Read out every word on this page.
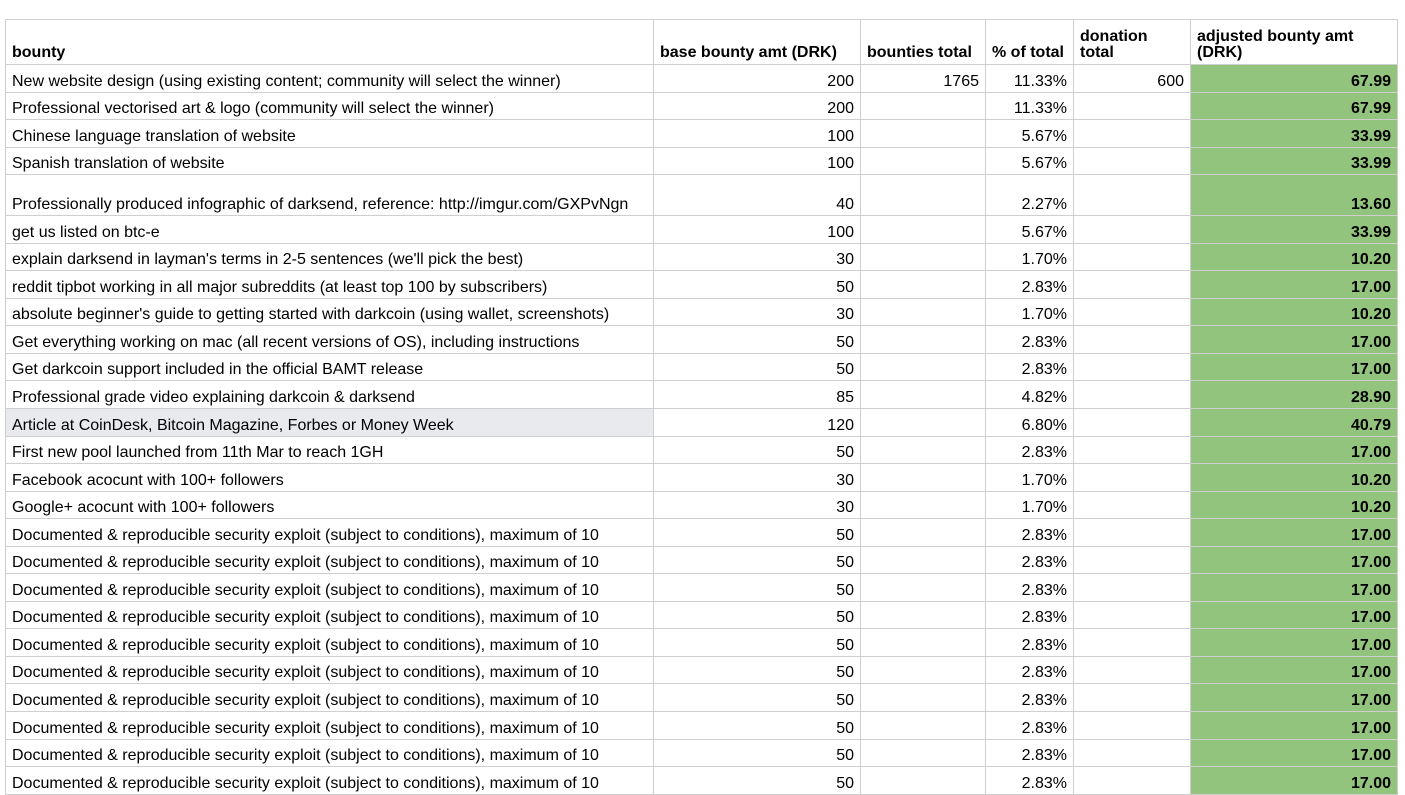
bounty	base bounty amt (DRK)	bounties total	% of total	donation total	adjusted bounty amt (DRK)
New website design (using existing content; community will select the winner)	200	1765	11.33%	600	67.99
Professional vectorised art & logo (community will select the winner)	200		11.33%		67.99
Chinese language translation of website	100		5.67%		33.99
Spanish translation of website	100		5.67%		33.99
Professionally produced infographic of darksend, reference: http://imgur.com/GXPvNgn	40		2.27%		13.60
get us listed on btc-e	100		5.67%		33.99
explain darksend in layman's terms in 2-5 sentences (we'll pick the best)	30		1.70%		10.20
reddit tipbot working in all major subreddits (at least top 100 by subscribers)	50		2.83%		17.00
absolute beginner's guide to getting started with darkcoin (using wallet, screenshots)	30		1.70%		10.20
Get everything working on mac (all recent versions of OS), including instructions	50		2.83%		17.00
Get darkcoin support included in the official BAMT release	50		2.83%		17.00
Professional grade video explaining darkcoin & darksend	85		4.82%		28.90
Article at CoinDesk, Bitcoin Magazine, Forbes or Money Week	120		6.80%		40.79
First new pool launched from 11th Mar to reach 1GH	50		2.83%		17.00
Facebook acocunt with 100+ followers	30		1.70%		10.20
Google+ acocunt with 100+ followers	30		1.70%		10.20
Documented & reproducible security exploit (subject to conditions), maximum of 10	50		2.83%		17.00
Documented & reproducible security exploit (subject to conditions), maximum of 10	50		2.83%		17.00
Documented & reproducible security exploit (subject to conditions), maximum of 10	50		2.83%		17.00
Documented & reproducible security exploit (subject to conditions), maximum of 10	50		2.83%		17.00
Documented & reproducible security exploit (subject to conditions), maximum of 10	50		2.83%		17.00
Documented & reproducible security exploit (subject to conditions), maximum of 10	50		2.83%		17.00
Documented & reproducible security exploit (subject to conditions), maximum of 10	50		2.83%		17.00
Documented & reproducible security exploit (subject to conditions), maximum of 10	50		2.83%		17.00
Documented & reproducible security exploit (subject to conditions), maximum of 10	50		2.83%		17.00
Documented & reproducible security exploit (subject to conditions), maximum of 10	50		2.83%		17.00
